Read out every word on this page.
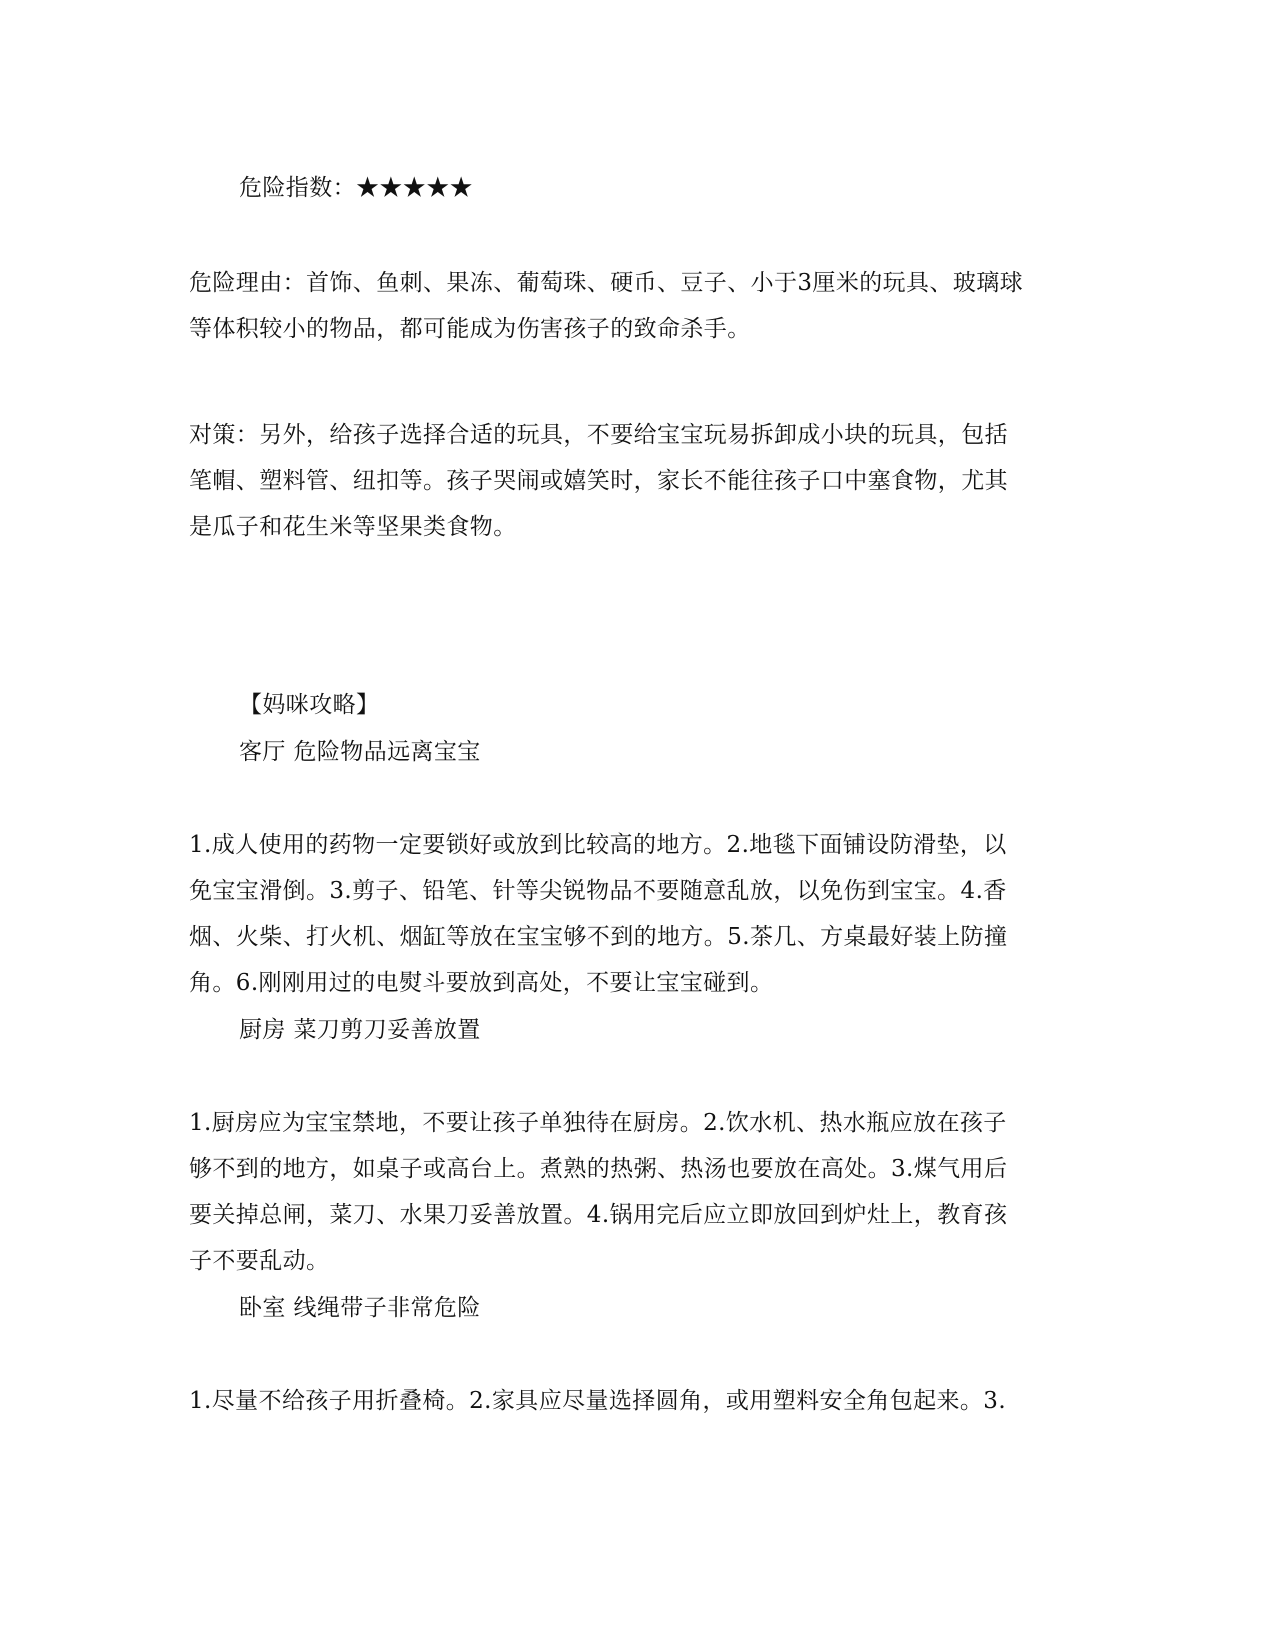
危险指数：★★★★★
危险理由：首饰、鱼刺、果冻、葡萄珠、硬币、豆子、小于3厘米的玩具、玻璃球
等体积较小的物品，都可能成为伤害孩子的致命杀手。
对策：另外，给孩子选择合适的玩具，不要给宝宝玩易拆卸成小块的玩具，包括
笔帽、塑料管、纽扣等。孩子哭闹或嬉笑时，家长不能往孩子口中塞食物，尤其
是瓜子和花生米等坚果类食物。
【妈咪攻略】
客厅 危险物品远离宝宝
1.成人使用的药物一定要锁好或放到比较高的地方。2.地毯下面铺设防滑垫，以
免宝宝滑倒。3.剪子、铅笔、针等尖锐物品不要随意乱放，以免伤到宝宝。4.香
烟、火柴、打火机、烟缸等放在宝宝够不到的地方。5.茶几、方桌最好装上防撞
角。6.刚刚用过的电熨斗要放到高处，不要让宝宝碰到。
厨房 菜刀剪刀妥善放置
1.厨房应为宝宝禁地，不要让孩子单独待在厨房。2.饮水机、热水瓶应放在孩子
够不到的地方，如桌子或高台上。煮熟的热粥、热汤也要放在高处。3.煤气用后
要关掉总闸，菜刀、水果刀妥善放置。4.锅用完后应立即放回到炉灶上，教育孩
子不要乱动。
卧室 线绳带子非常危险
1.尽量不给孩子用折叠椅。2.家具应尽量选择圆角，或用塑料安全角包起来。3.
